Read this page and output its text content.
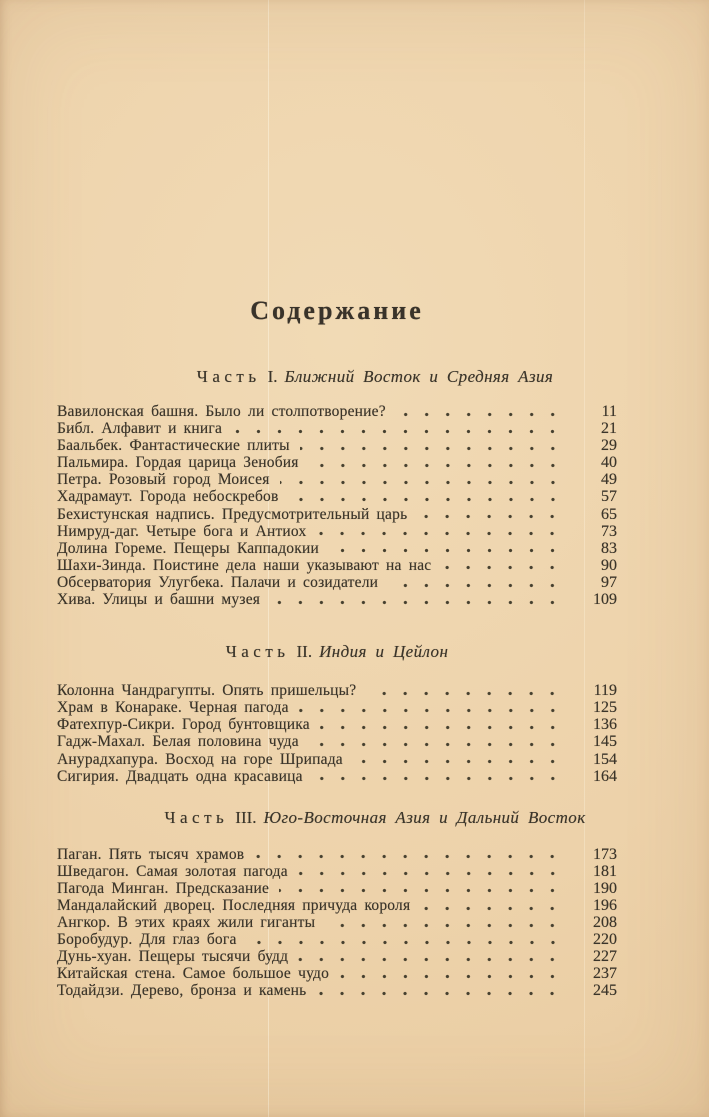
Содержание
Часть I. Ближний Восток и Средняя Азия
Вавилонская башня. Было ли столпотворение?	11
Библ. Алфавит и книга	21
Баальбек. Фантастические плиты	29
Пальмира. Гордая царица Зенобия	40
Петра. Розовый город Моисея	49
Хадрамаут. Города небоскребов	57
Бехистунская надпись. Предусмотрительный царь	65
Нимруд-даг. Четыре бога и Антиох	73
Долина Гореме. Пещеры Каппадокии	83
Шахи-Зинда. Поистине дела наши указывают на нас	90
Обсерватория Улугбека. Палачи и созидатели	97
Хива. Улицы и башни музея	109
Часть II. Индия и Цейлон
Колонна Чандрагупты. Опять пришельцы?	119
Храм в Конараке. Черная пагода	125
Фатехпур-Сикри. Город бунтовщика	136
Гадж-Махал. Белая половина чуда	145
Анурадхапура. Восход на горе Шрипада	154
Сигирия. Двадцать одна красавица	164
Часть III. Юго-Восточная Азия и Дальний Восток
Паган. Пять тысяч храмов	173
Шведагон. Самая золотая пагода	181
Пагода Минган. Предсказание	190
Мандалайский дворец. Последняя причуда короля	196
Ангкор. В этих краях жили гиганты	208
Боробудур. Для глаз бога	220
Дунь-хуан. Пещеры тысячи будд	227
Китайская стена. Самое большое чудо	237
Тодайдзи. Дерево, бронза и камень	245
